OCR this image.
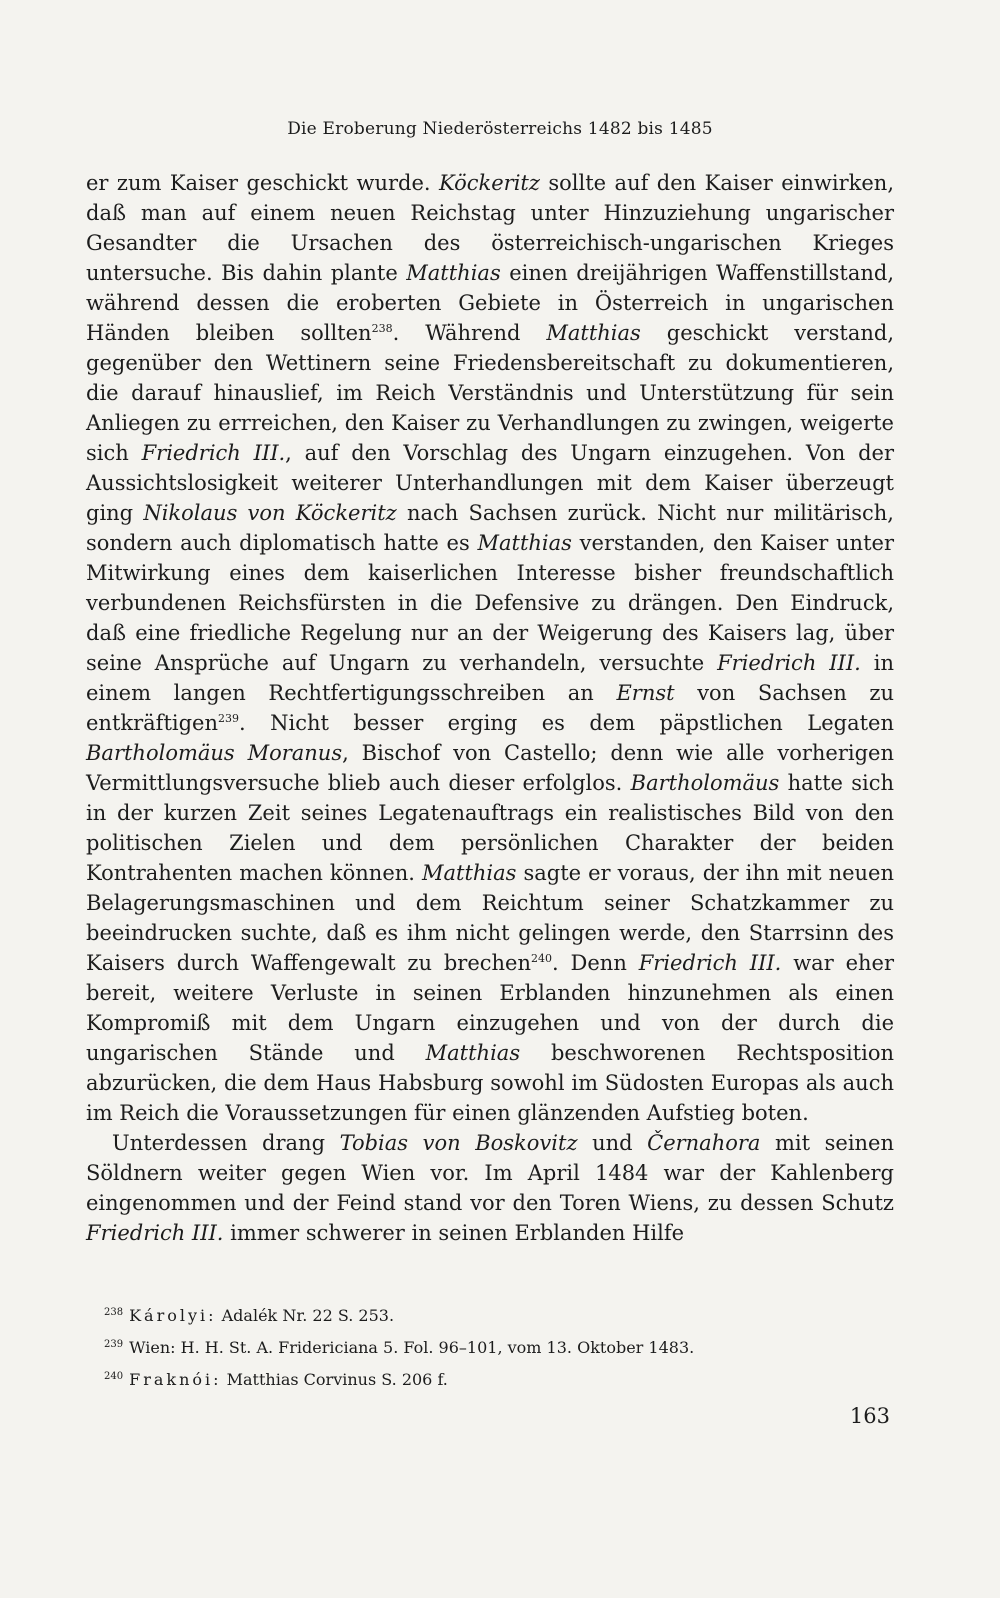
Die Eroberung Niederösterreichs 1482 bis 1485

er zum Kaiser geschickt wurde. Köckeritz sollte auf den Kaiser einwirken, daß man auf einem neuen Reichstag unter Hinzuziehung ungarischer Gesandter die Ursachen des österreichisch-ungarischen Krieges untersuche. Bis dahin plante Matthias einen dreijährigen Waffenstillstand, während dessen die eroberten Gebiete in Österreich in ungarischen Händen bleiben sollten$^{238}$. Während Matthias geschickt verstand, gegenüber den Wettinern seine Friedensbereitschaft zu dokumentieren, die darauf hinauslief, im Reich Verständnis und Unterstützung für sein Anliegen zu errreichen, den Kaiser zu Verhandlungen zu zwingen, weigerte sich Friedrich III., auf den Vorschlag des Ungarn einzugehen. Von der Aussichtslosigkeit weiterer Unterhandlungen mit dem Kaiser überzeugt ging Nikolaus von Köckeritz nach Sachsen zurück. Nicht nur militärisch, sondern auch diplomatisch hatte es Matthias verstanden, den Kaiser unter Mitwirkung eines dem kaiserlichen Interesse bisher freundschaftlich verbundenen Reichsfürsten in die Defensive zu drängen. Den Eindruck, daß eine friedliche Regelung nur an der Weigerung des Kaisers lag, über seine Ansprüche auf Ungarn zu verhandeln, versuchte Friedrich III. in einem langen Rechtfertigungsschreiben an Ernst von Sachsen zu entkräftigen$^{239}$. Nicht besser erging es dem päpstlichen Legaten Bartholomäus Moranus, Bischof von Castello; denn wie alle vorherigen Vermittlungsversuche blieb auch dieser erfolglos. Bartholomäus hatte sich in der kurzen Zeit seines Legatenauftrags ein realistisches Bild von den politischen Zielen und dem persönlichen Charakter der beiden Kontrahenten machen können. Matthias sagte er voraus, der ihn mit neuen Belagerungsmaschinen und dem Reichtum seiner Schatzkammer zu beeindrucken suchte, daß es ihm nicht gelingen werde, den Starrsinn des Kaisers durch Waffengewalt zu brechen$^{240}$. Denn Friedrich III. war eher bereit, weitere Verluste in seinen Erblanden hinzunehmen als einen Kompromiß mit dem Ungarn einzugehen und von der durch die ungarischen Stände und Matthias beschworenen Rechtsposition abzurücken, die dem Haus Habsburg sowohl im Südosten Europas als auch im Reich die Voraussetzungen für einen glänzenden Aufstieg boten.

Unterdessen drang Tobias von Boskovitz und Černahora mit seinen Söldnern weiter gegen Wien vor. Im April 1484 war der Kahlenberg eingenommen und der Feind stand vor den Toren Wiens, zu dessen Schutz Friedrich III. immer schwerer in seinen Erblanden Hilfe

$^{238}$ Károlyi: Adalék Nr. 22 S. 253.
$^{239}$ Wien: H. H. St. A. Fridericiana 5. Fol. 96–101, vom 13. Oktober 1483.
$^{240}$ Fraknói: Matthias Corvinus S. 206 f.
163
